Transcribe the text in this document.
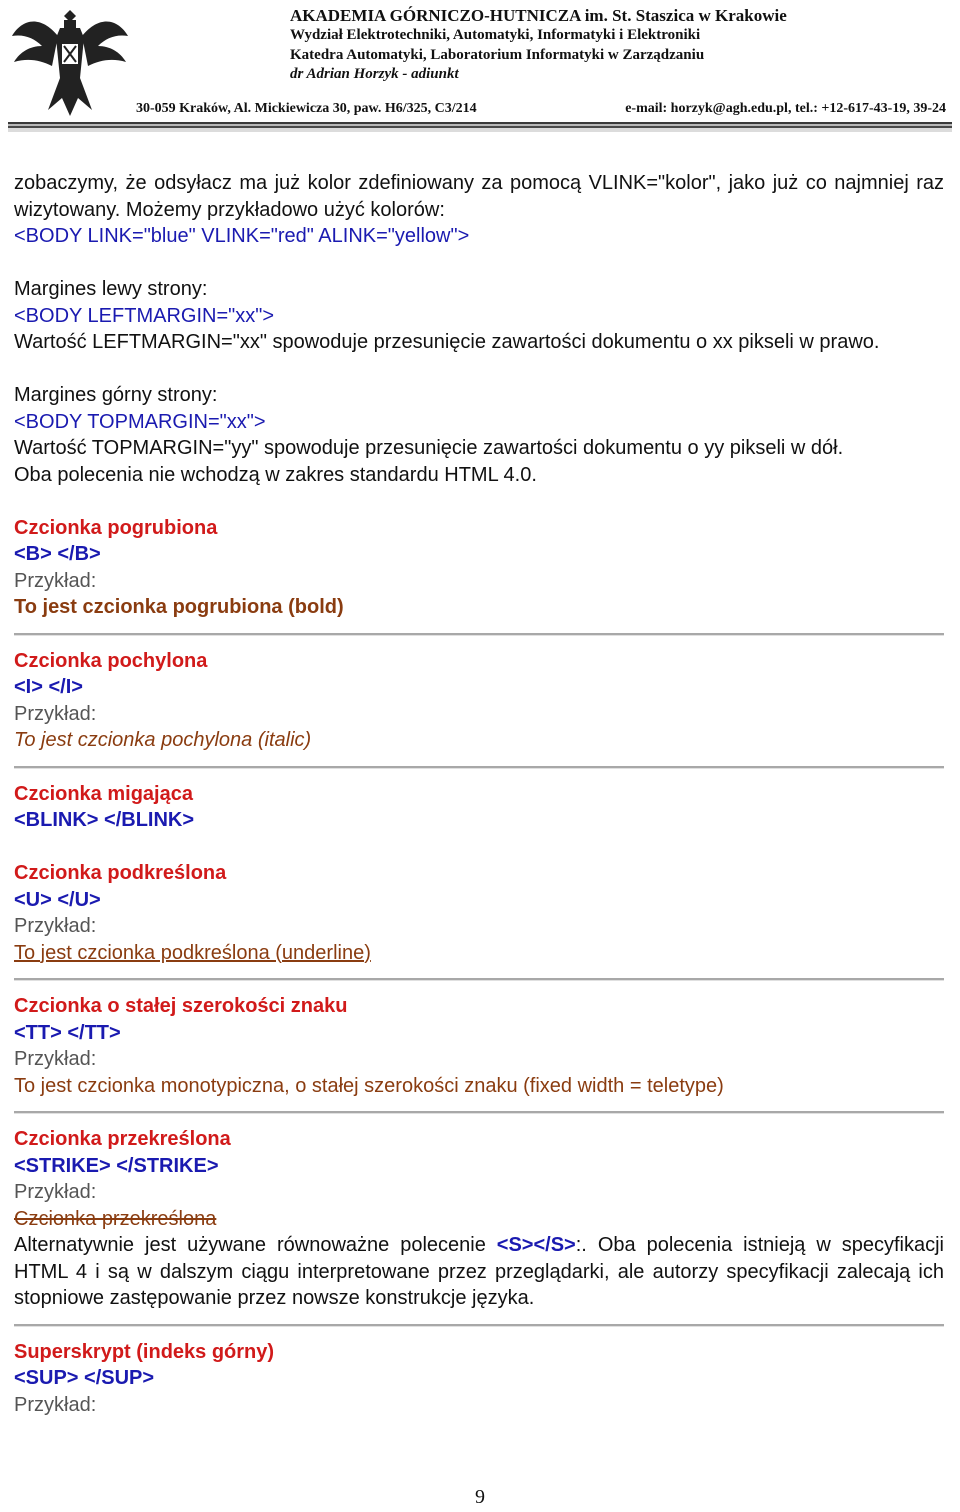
AKADEMIA GÓRNICZO-HUTNICZA im. St. Staszica w Krakowie
Wydział Elektrotechniki, Automatyki, Informatyki i Elektroniki
Katedra Automatyki, Laboratorium Informatyki w Zarządzaniu
dr Adrian Horzyk - adiunkt
30-059 Kraków, Al. Mickiewicza 30, paw. H6/325, C3/214	e-mail: horzyk@agh.edu.pl, tel.: +12-617-43-19, 39-24

zobaczymy, że odsyłacz ma już kolor zdefiniowany za pomocą VLINK="kolor", jako już co najmniej raz wizytowany. Możemy przykładowo użyć kolorów:

<BODY LINK="blue" VLINK="red" ALINK="yellow">

Margines lewy strony:

<BODY LEFTMARGIN="xx">

Wartość LEFTMARGIN="xx" spowoduje przesunięcie zawartości dokumentu o xx pikseli w prawo.

Margines górny strony:

<BODY TOPMARGIN="xx">

Wartość TOPMARGIN="yy" spowoduje przesunięcie zawartości dokumentu o yy pikseli w dół.

Oba polecenia nie wchodzą w zakres standardu HTML 4.0.

Czcionka pogrubiona

<B> </B>

Przykład:

To jest czcionka pogrubiona (bold)

Czcionka pochylona

<I> </I>

Przykład:

To jest czcionka pochylona (italic)

Czcionka migająca

<BLINK> </BLINK>

Czcionka podkreślona

<U> </U>

Przykład:

To jest czcionka podkreślona (underline)

Czcionka o stałej szerokości znaku

<TT> </TT>

Przykład:

To jest czcionka monotypiczna, o stałej szerokości znaku (fixed width = teletype)

Czcionka przekreślona

<STRIKE> </STRIKE>

Przykład:

Czcionka przekreślona

Alternatywnie jest używane równoważne polecenie <S></S>:. Oba polecenia istnieją w specyfikacji HTML 4 i są w dalszym ciągu interpretowane przez przeglądarki, ale autorzy specyfikacji zalecają ich stopniowe zastępowanie przez nowsze konstrukcje języka.

Superskrypt (indeks górny)

<SUP> </SUP>

Przykład:

9
